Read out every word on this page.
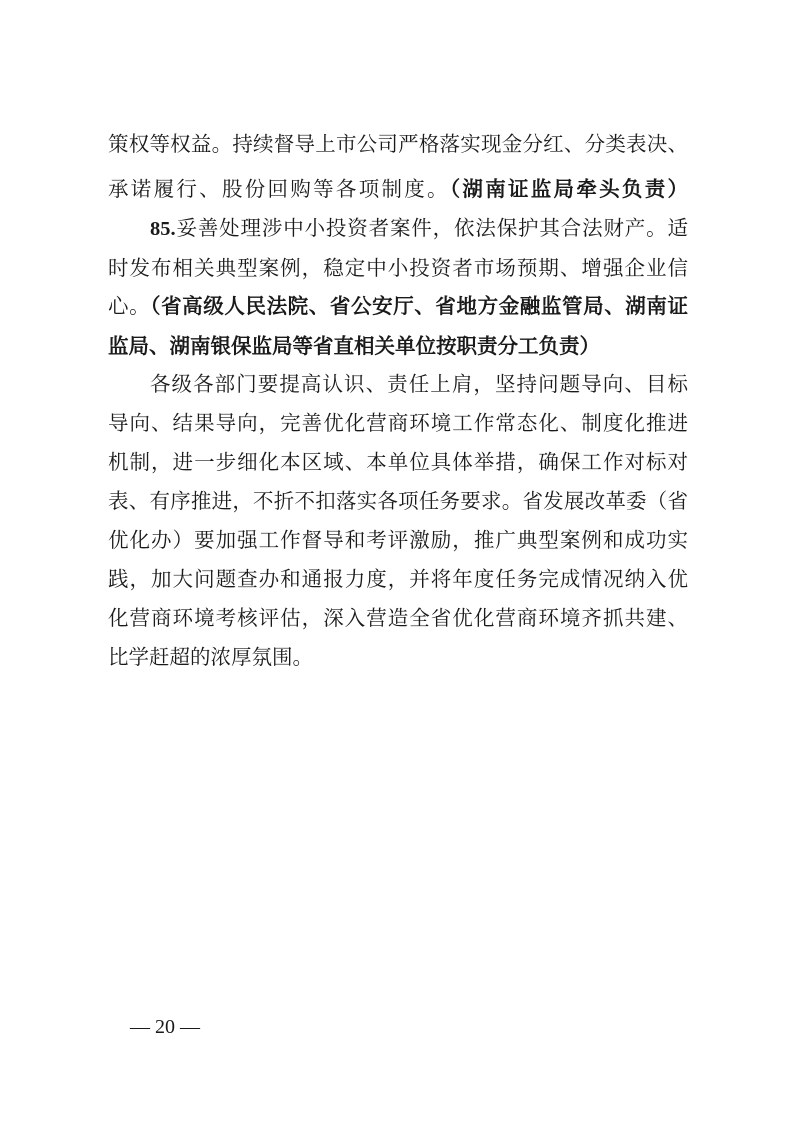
策权等权益。持续督导上市公司严格落实现金分红、分类表决、
承诺履行、股份回购等各项制度。（湖南证监局牵头负责）
85.妥善处理涉中小投资者案件，依法保护其合法财产。适
时发布相关典型案例，稳定中小投资者市场预期、增强企业信
心。（省高级人民法院、省公安厅、省地方金融监管局、湖南证
监局、湖南银保监局等省直相关单位按职责分工负责）
各级各部门要提高认识、责任上肩，坚持问题导向、目标
导向、结果导向，完善优化营商环境工作常态化、制度化推进
机制，进一步细化本区域、本单位具体举措，确保工作对标对
表、有序推进，不折不扣落实各项任务要求。省发展改革委（省
优化办）要加强工作督导和考评激励，推广典型案例和成功实
践，加大问题查办和通报力度，并将年度任务完成情况纳入优
化营商环境考核评估，深入营造全省优化营商环境齐抓共建、
比学赶超的浓厚氛围。
— 20 —
